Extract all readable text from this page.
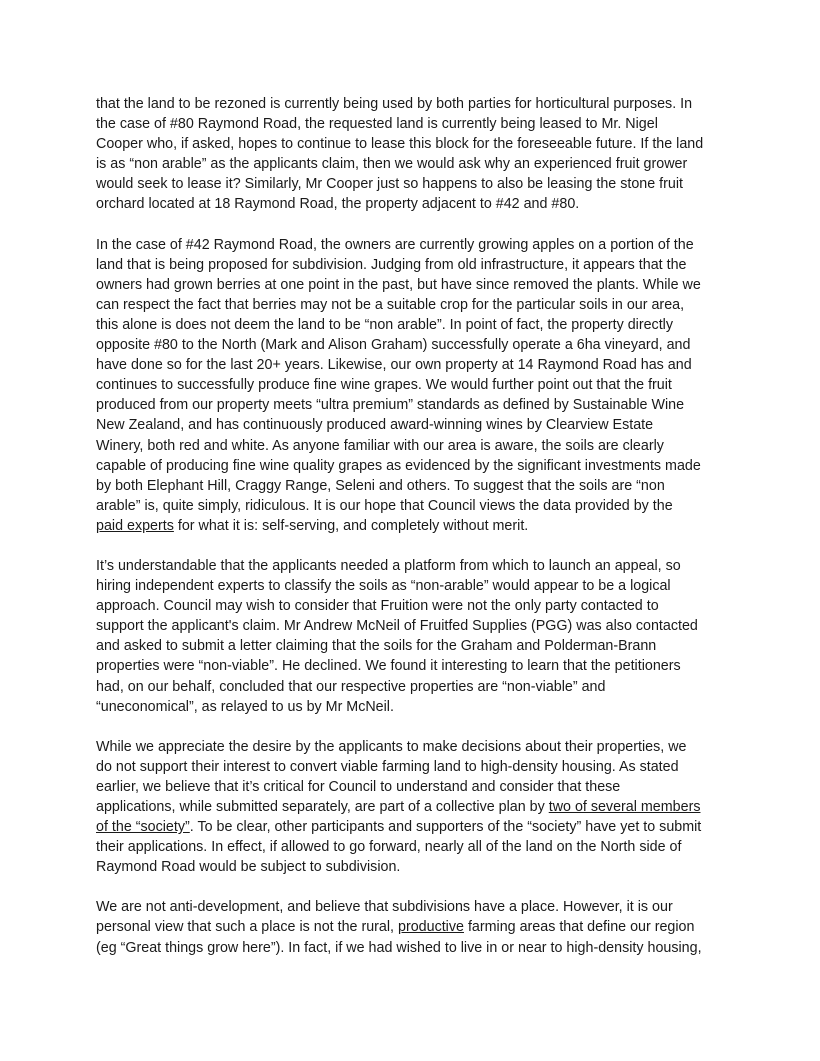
that the land to be rezoned is currently being used by both parties for horticultural purposes. In
the case of #80 Raymond Road, the requested land is currently being leased to Mr. Nigel
Cooper who, if asked, hopes to continue to lease this block for the foreseeable future. If the land
is as “non arable” as the applicants claim, then we would ask why an experienced fruit grower
would seek to lease it? Similarly, Mr Cooper just so happens to also be leasing the stone fruit
orchard located at 18 Raymond Road, the property adjacent to #42 and #80.

In the case of #42 Raymond Road, the owners are currently growing apples on a portion of the
land that is being proposed for subdivision. Judging from old infrastructure, it appears that the
owners had grown berries at one point in the past, but have since removed the plants. While we
can respect the fact that berries may not be a suitable crop for the particular soils in our area,
this alone is does not deem the land to be “non arable”. In point of fact, the property directly
opposite #80 to the North (Mark and Alison Graham) successfully operate a 6ha vineyard, and
have done so for the last 20+ years. Likewise, our own property at 14 Raymond Road has and
continues to successfully produce fine wine grapes. We would further point out that the fruit
produced from our property meets “ultra premium” standards as defined by Sustainable Wine
New Zealand, and has continuously produced award-winning wines by Clearview Estate
Winery, both red and white. As anyone familiar with our area is aware, the soils are clearly
capable of producing fine wine quality grapes as evidenced by the significant investments made
by both Elephant Hill, Craggy Range, Seleni and others. To suggest that the soils are “non
arable” is, quite simply, ridiculous. It is our hope that Council views the data provided by the
paid experts for what it is: self-serving, and completely without merit.

It’s understandable that the applicants needed a platform from which to launch an appeal, so
hiring independent experts to classify the soils as “non-arable” would appear to be a logical
approach. Council may wish to consider that Fruition were not the only party contacted to
support the applicant's claim. Mr Andrew McNeil of Fruitfed Supplies (PGG) was also contacted
and asked to submit a letter claiming that the soils for the Graham and Polderman-Brann
properties were “non-viable”. He declined. We found it interesting to learn that the petitioners
had, on our behalf, concluded that our respective properties are “non-viable” and
“uneconomical”, as relayed to us by Mr McNeil.

While we appreciate the desire by the applicants to make decisions about their properties, we
do not support their interest to convert viable farming land to high-density housing. As stated
earlier, we believe that it’s critical for Council to understand and consider that these
applications, while submitted separately, are part of a collective plan by two of several members
of the “society”. To be clear, other participants and supporters of the “society” have yet to submit
their applications. In effect, if allowed to go forward, nearly all of the land on the North side of
Raymond Road would be subject to subdivision.

We are not anti-development, and believe that subdivisions have a place. However, it is our
personal view that such a place is not the rural, productive farming areas that define our region
(eg “Great things grow here”). In fact, if we had wished to live in or near to high-density housing,
